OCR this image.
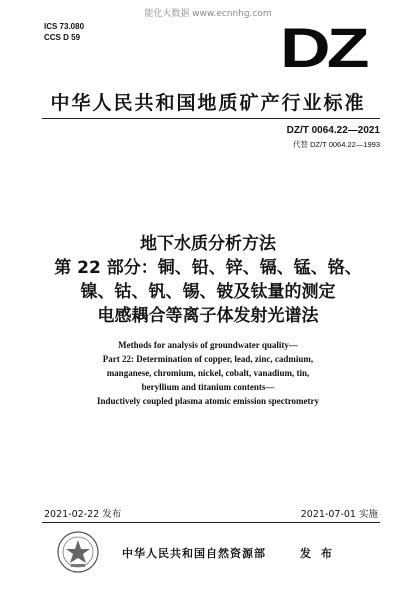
能化大数据 www.ecnnhg.com
ICS 73.080
CCS D 59	DZ
中华人民共和国地质矿产行业标准
DZ/T 0064.22—2021
代替 DZ/T 0064.22—1993
地下水质分析方法
第 22 部分：铜、铅、锌、镉、锰、铬、
镍、钴、钒、锡、铍及钛量的测定
电感耦合等离子体发射光谱法
Methods for analysis of groundwater quality—
Part 22: Determination of copper, lead, zinc, cadmium,
manganese, chromium, nickel, cobalt, vanadium, tin,
beryllium and titanium contents—
Inductively coupled plasma atomic emission spectrometry
2021-02-22 发布	2021-07-01 实施
中华人民共和国自然资源部	发 布
